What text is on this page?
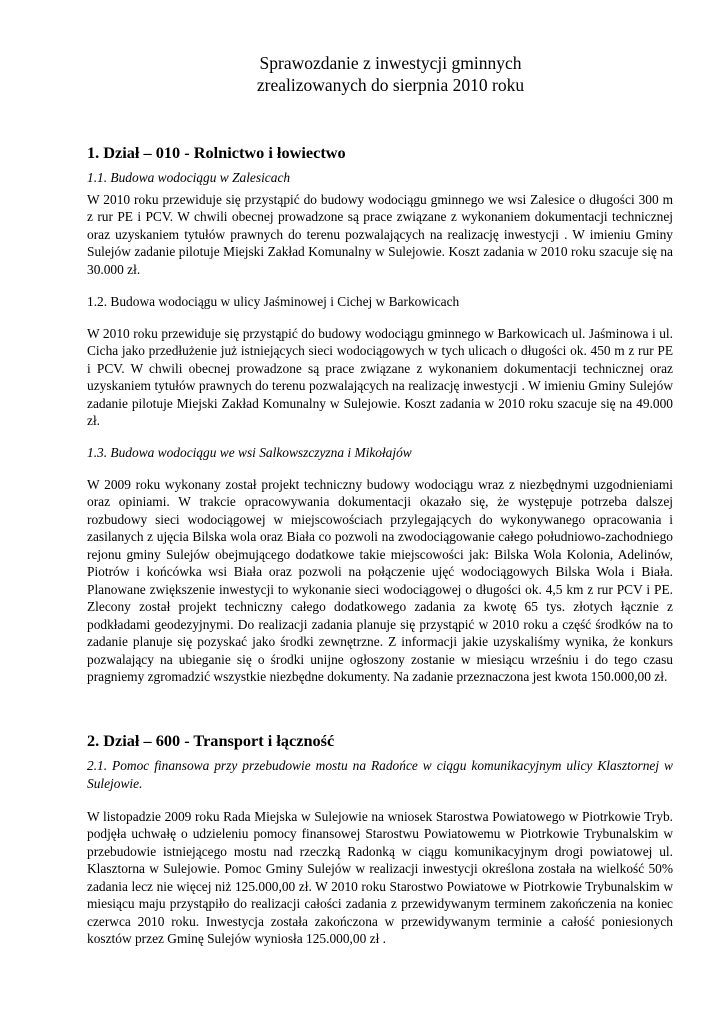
Sprawozdanie z inwestycji gminnych
zrealizowanych do sierpnia 2010 roku
1. Dział – 010 - Rolnictwo i łowiectwo

1.1. Budowa wodociągu w Zalesicach

W 2010 roku przewiduje się przystąpić do budowy wodociągu gminnego we wsi Zalesice o długości 300 m z rur PE i PCV. W chwili obecnej prowadzone są prace związane z wykonaniem dokumentacji technicznej oraz uzyskaniem tytułów prawnych do terenu pozwalających na realizację inwestycji . W imieniu Gminy Sulejów zadanie pilotuje Miejski Zakład Komunalny w Sulejowie. Koszt zadania w 2010 roku szacuje się na 30.000 zł.

1.2. Budowa wodociągu w ulicy Jaśminowej i Cichej w Barkowicach

W 2010 roku przewiduje się przystąpić do budowy wodociągu gminnego w Barkowicach ul. Jaśminowa i ul. Cicha jako przedłużenie już istniejących sieci wodociągowych w tych ulicach o długości ok. 450 m z rur PE i PCV. W chwili obecnej prowadzone są prace związane z wykonaniem dokumentacji technicznej oraz uzyskaniem tytułów prawnych do terenu pozwalających na realizację inwestycji . W imieniu Gminy Sulejów zadanie pilotuje Miejski Zakład Komunalny w Sulejowie. Koszt zadania w 2010 roku szacuje się na 49.000 zł.

1.3. Budowa wodociągu we wsi Salkowszczyzna i Mikołajów

W 2009 roku wykonany został projekt techniczny budowy wodociągu wraz z niezbędnymi uzgodnieniami oraz opiniami. W trakcie opracowywania dokumentacji okazało się, że występuje potrzeba dalszej rozbudowy sieci wodociągowej w miejscowościach przylegających do wykonywanego opracowania i zasilanych z ujęcia Bilska wola oraz Biała co pozwoli na zwodociągowanie całego południowo-zachodniego rejonu gminy Sulejów obejmującego dodatkowe takie miejscowości jak: Bilska Wola Kolonia, Adelinów, Piotrów i końcówka wsi Biała oraz pozwoli na połączenie ujęć wodociągowych Bilska Wola i Biała. Planowane zwiększenie inwestycji to wykonanie sieci wodociągowej o długości ok. 4,5 km z rur PCV i PE. Zlecony został projekt techniczny całego dodatkowego zadania za kwotę 65 tys. złotych łącznie z podkładami geodezyjnymi. Do realizacji zadania planuje się przystąpić w 2010 roku a część środków na to zadanie planuje się pozyskać jako środki zewnętrzne. Z informacji jakie uzyskaliśmy wynika, że konkurs pozwalający na ubieganie się o środki unijne ogłoszony zostanie w miesiącu wrześniu i do tego czasu pragniemy zgromadzić wszystkie niezbędne dokumenty. Na zadanie przeznaczona jest kwota 150.000,00 zł.

2. Dział – 600 - Transport i łączność

2.1. Pomoc finansowa przy przebudowie mostu na Radońce w ciągu komunikacyjnym ulicy Klasztornej w Sulejowie.

W listopadzie 2009 roku Rada Miejska w Sulejowie na wniosek Starostwa Powiatowego w Piotrkowie Tryb. podjęła uchwałę o udzieleniu pomocy finansowej Starostwu Powiatowemu w Piotrkowie Trybunalskim w przebudowie istniejącego mostu nad rzeczką Radonką w ciągu komunikacyjnym drogi powiatowej ul. Klasztorna w Sulejowie. Pomoc Gminy Sulejów w realizacji inwestycji określona została na wielkość 50% zadania lecz nie więcej niż 125.000,00 zł. W 2010 roku Starostwo Powiatowe w Piotrkowie Trybunalskim w miesiącu maju przystąpiło do realizacji całości zadania z przewidywanym terminem zakończenia na koniec czerwca 2010 roku. Inwestycja została zakończona w przewidywanym terminie a całość poniesionych kosztów przez Gminę Sulejów wyniosła 125.000,00 zł .
